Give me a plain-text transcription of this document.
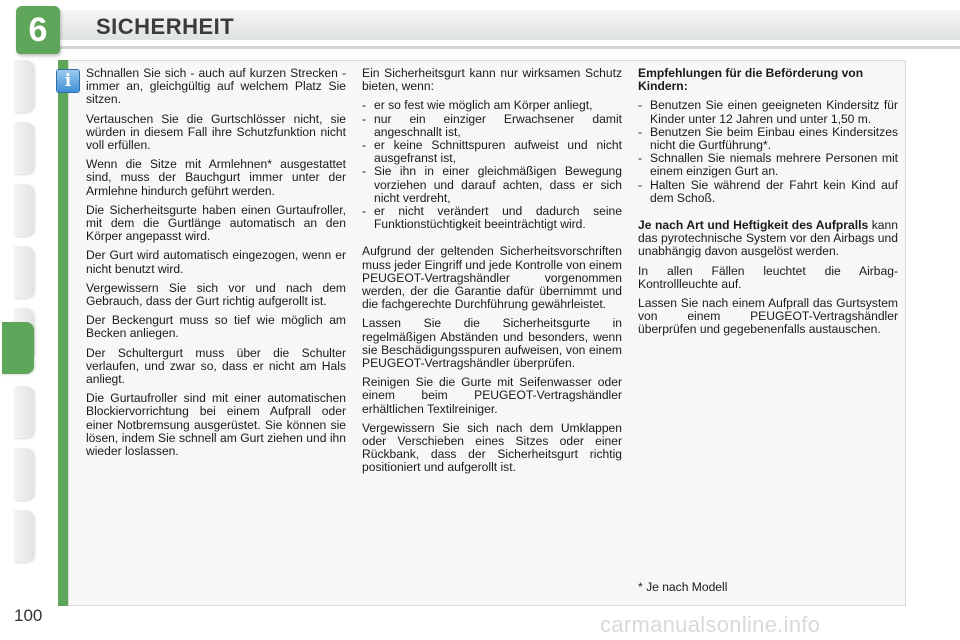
6	SICHERHEIT
i	Schnallen Sie sich - auch auf kurzen Strecken - immer an, gleichgültig auf welchem Platz Sie sitzen.

Vertauschen Sie die Gurtschlösser nicht, sie würden in diesem Fall ihre Schutzfunktion nicht voll erfüllen.

Wenn die Sitze mit Armlehnen* ausgestattet sind, muss der Bauchgurt immer unter der Armlehne hindurch geführt werden.

Die Sicherheitsgurte haben einen Gurtaufroller, mit dem die Gurtlänge automatisch an den Körper angepasst wird.

Der Gurt wird automatisch eingezogen, wenn er nicht benutzt wird.

Vergewissern Sie sich vor und nach dem Gebrauch, dass der Gurt richtig aufgerollt ist.

Der Beckengurt muss so tief wie möglich am Becken anliegen.

Der Schultergurt muss über die Schulter verlaufen, und zwar so, dass er nicht am Hals anliegt.

Die Gurtaufroller sind mit einer automatischen Blockiervorrichtung bei einem Aufprall oder einer Notbremsung ausgerüstet. Sie können sie lösen, indem Sie schnell am Gurt ziehen und ihn wieder loslassen.

Ein Sicherheitsgurt kann nur wirksamen Schutz bieten, wenn:

- er so fest wie möglich am Körper anliegt,
- nur ein einziger Erwachsener damit angeschnallt ist,
- er keine Schnittspuren aufweist und nicht ausgefranst ist,
- Sie ihn in einer gleichmäßigen Bewegung vorziehen und darauf achten, dass er sich nicht verdreht,
- er nicht verändert und dadurch seine Funktionstüchtigkeit beeinträchtigt wird.

Aufgrund der geltenden Sicherheitsvorschriften muss jeder Eingriff und jede Kontrolle von einem PEUGEOT-Vertragshändler vorgenommen werden, der die Garantie dafür übernimmt und die fachgerechte Durchführung gewährleistet.

Lassen Sie die Sicherheitsgurte in regelmäßigen Abständen und besonders, wenn sie Beschädigungsspuren aufweisen, von einem PEUGEOT-Vertragshändler überprüfen.

Reinigen Sie die Gurte mit Seifenwasser oder einem beim PEUGEOT-Vertragshändler erhältlichen Textilreiniger.

Vergewissern Sie sich nach dem Umklappen oder Verschieben eines Sitzes oder einer Rückbank, dass der Sicherheitsgurt richtig positioniert und aufgerollt ist.

Empfehlungen für die Beförderung von Kindern:
- Benutzen Sie einen geeigneten Kindersitz für Kinder unter 12 Jahren und unter 1,50 m.
- Benutzen Sie beim Einbau eines Kindersitzes nicht die Gurtführung*.
- Schnallen Sie niemals mehrere Personen mit einem einzigen Gurt an.
- Halten Sie während der Fahrt kein Kind auf dem Schoß.

Je nach Art und Heftigkeit des Aufpralls kann das pyrotechnische System vor den Airbags und unabhängig davon ausgelöst werden.

In allen Fällen leuchtet die Airbag-Kontrollleuchte auf.

Lassen Sie nach einem Aufprall das Gurtsystem von einem PEUGEOT-Vertragshändler überprüfen und gegebenenfalls austauschen.

* Je nach Modell
100	carmanualsonline.info
